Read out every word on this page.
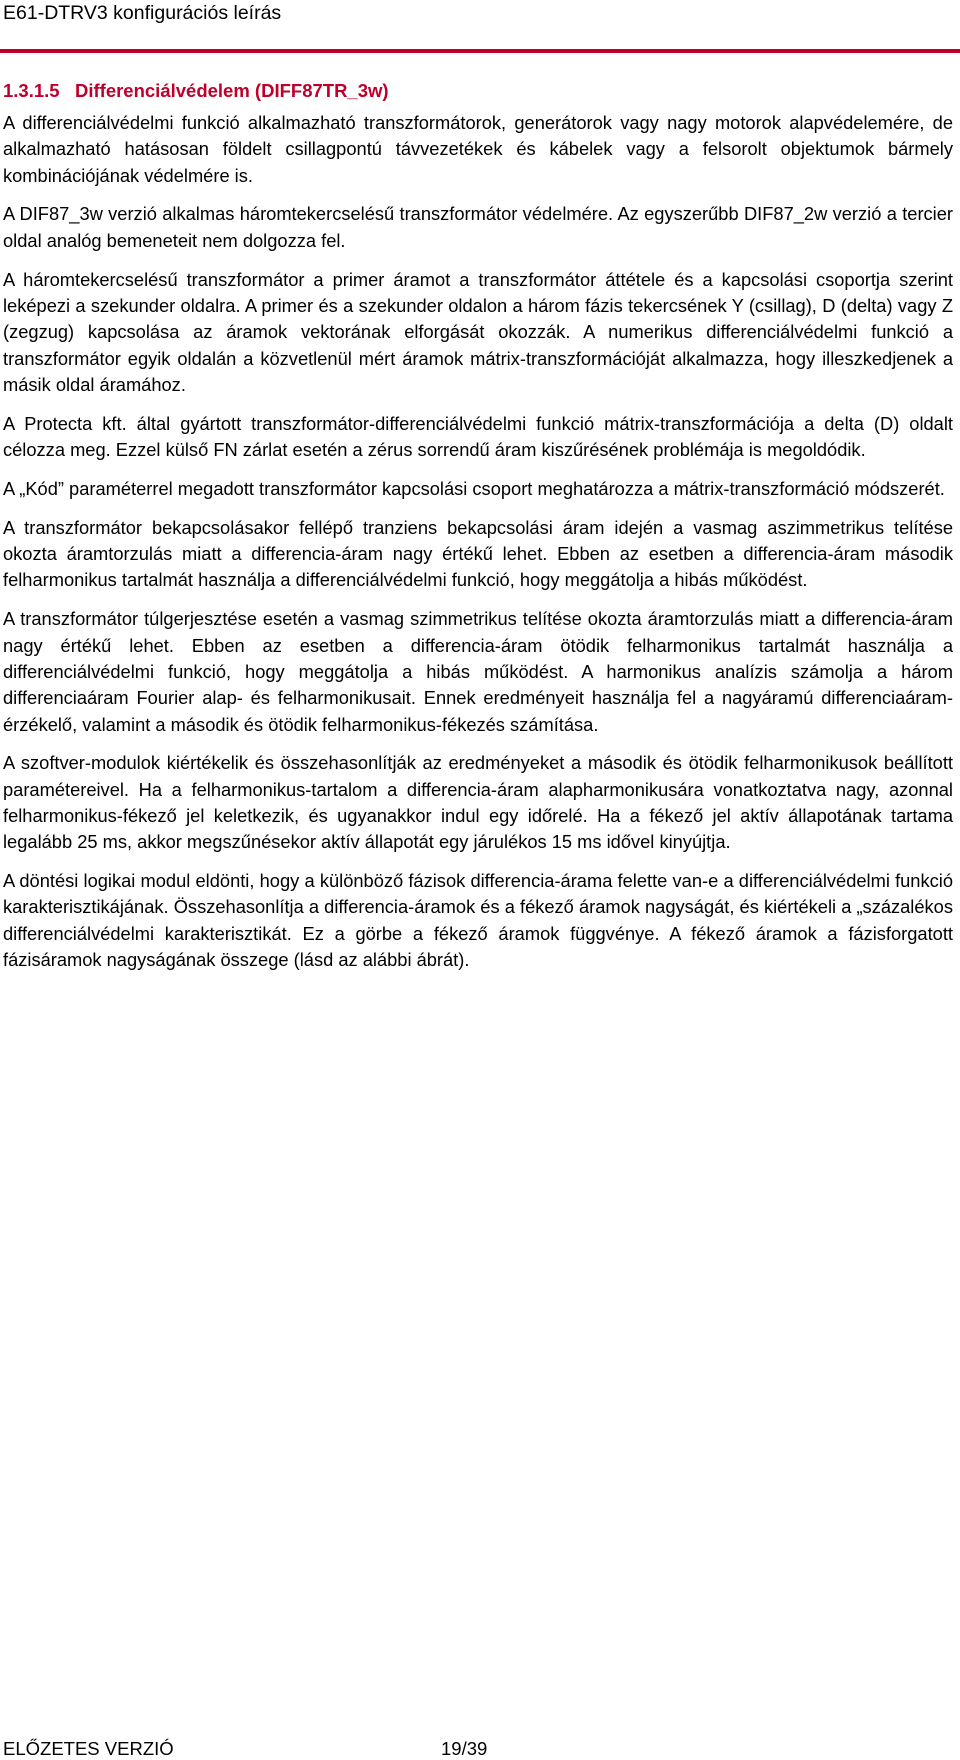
E61-DTRV3 konfigurációs leírás
1.3.1.5   Differenciálvédelem (DIFF87TR_3w)

A differenciálvédelmi funkció alkalmazható transzformátorok, generátorok vagy nagy motorok alapvédelemére, de alkalmazható hatásosan földelt csillagpontú távvezetékek és kábelek vagy a felsorolt objektumok bármely kombinációjának védelmére is.

A DIF87_3w verzió alkalmas háromtekercselésű transzformátor védelmére. Az egyszerűbb DIF87_2w verzió a tercier oldal analóg bemeneteit nem dolgozza fel.

A háromtekercselésű transzformátor a primer áramot a transzformátor áttétele és a kapcsolási csoportja szerint leképezi a szekunder oldalra. A primer és a szekunder oldalon a három fázis tekercsének Y (csillag), D (delta) vagy Z (zegzug) kapcsolása az áramok vektorának elforgását okozzák. A numerikus differenciálvédelmi funkció a transzformátor egyik oldalán a közvetlenül mért áramok mátrix-transzformációját alkalmazza, hogy illeszkedjenek a másik oldal áramához.

A Protecta kft. által gyártott transzformátor-differenciálvédelmi funkció mátrix-transzformációja a delta (D) oldalt célozza meg. Ezzel külső FN zárlat esetén a zérus sorrendű áram kiszűrésének problémája is megoldódik.

A „Kód” paraméterrel megadott transzformátor kapcsolási csoport meghatározza a mátrix-transzformáció módszerét.

A transzformátor bekapcsolásakor fellépő tranziens bekapcsolási áram idején a vasmag aszimmetrikus telítése okozta áramtorzulás miatt a differencia-áram nagy értékű lehet. Ebben az esetben a differencia-áram második felharmonikus tartalmát használja a differenciálvédelmi funkció, hogy meggátolja a hibás működést.

A transzformátor túlgerjesztése esetén a vasmag szimmetrikus telítése okozta áramtorzulás miatt a differencia-áram nagy értékű lehet. Ebben az esetben a differencia-áram ötödik felharmonikus tartalmát használja a differenciálvédelmi funkció, hogy meggátolja a hibás működést. A harmonikus analízis számolja a három differenciaáram Fourier alap- és felharmonikusait. Ennek eredményeit használja fel a nagyáramú differenciaáram-érzékelő, valamint a második és ötödik felharmonikus-fékezés számítása.

A szoftver-modulok kiértékelik és összehasonlítják az eredményeket a második és ötödik felharmonikusok beállított paramétereivel. Ha a felharmonikus-tartalom a differencia-áram alapharmonikusára vonatkoztatva nagy, azonnal felharmonikus-fékező jel keletkezik, és ugyanakkor indul egy időrelé. Ha a fékező jel aktív állapotának tartama legalább 25 ms, akkor megszűnésekor aktív állapotát egy járulékos 15 ms idővel kinyújtja.

A döntési logikai modul eldönti, hogy a különböző fázisok differencia-árama felette van-e a differenciálvédelmi funkció karakterisztikájának. Összehasonlítja a differencia-áramok és a fékező áramok nagyságát, és kiértékeli a „százalékos differenciálvédelmi karakterisztikát. Ez a görbe a fékező áramok függvénye. A fékező áramok a fázisforgatott fázisáramok nagyságának összege (lásd az alábbi ábrát).

ELŐZETES VERZIÓ	19/39
